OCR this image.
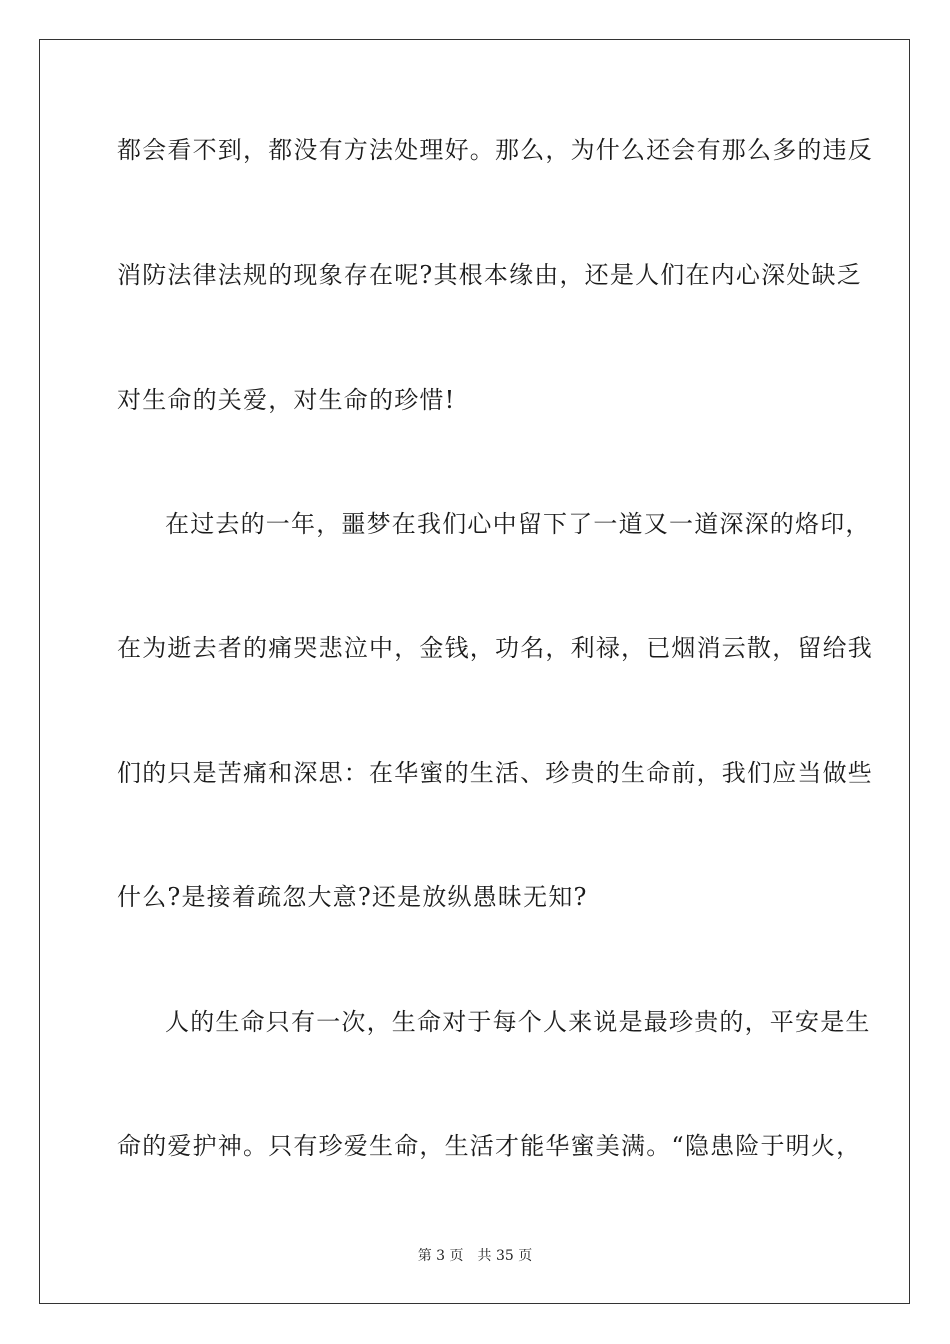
都会看不到，都没有方法处理好。那么，为什么还会有那么多的违反
消防法律法规的现象存在呢?其根本缘由，还是人们在内心深处缺乏
对生命的关爱，对生命的珍惜!
在过去的一年，噩梦在我们心中留下了一道又一道深深的烙印，
在为逝去者的痛哭悲泣中，金钱，功名，利禄，已烟消云散，留给我
们的只是苦痛和深思：在华蜜的生活、珍贵的生命前，我们应当做些
什么?是接着疏忽大意?还是放纵愚昧无知?
人的生命只有一次，生命对于每个人来说是最珍贵的，平安是生
命的爱护神。只有珍爱生命，生活才能华蜜美满。“隐患险于明火，
第 3 页 共 35 页
